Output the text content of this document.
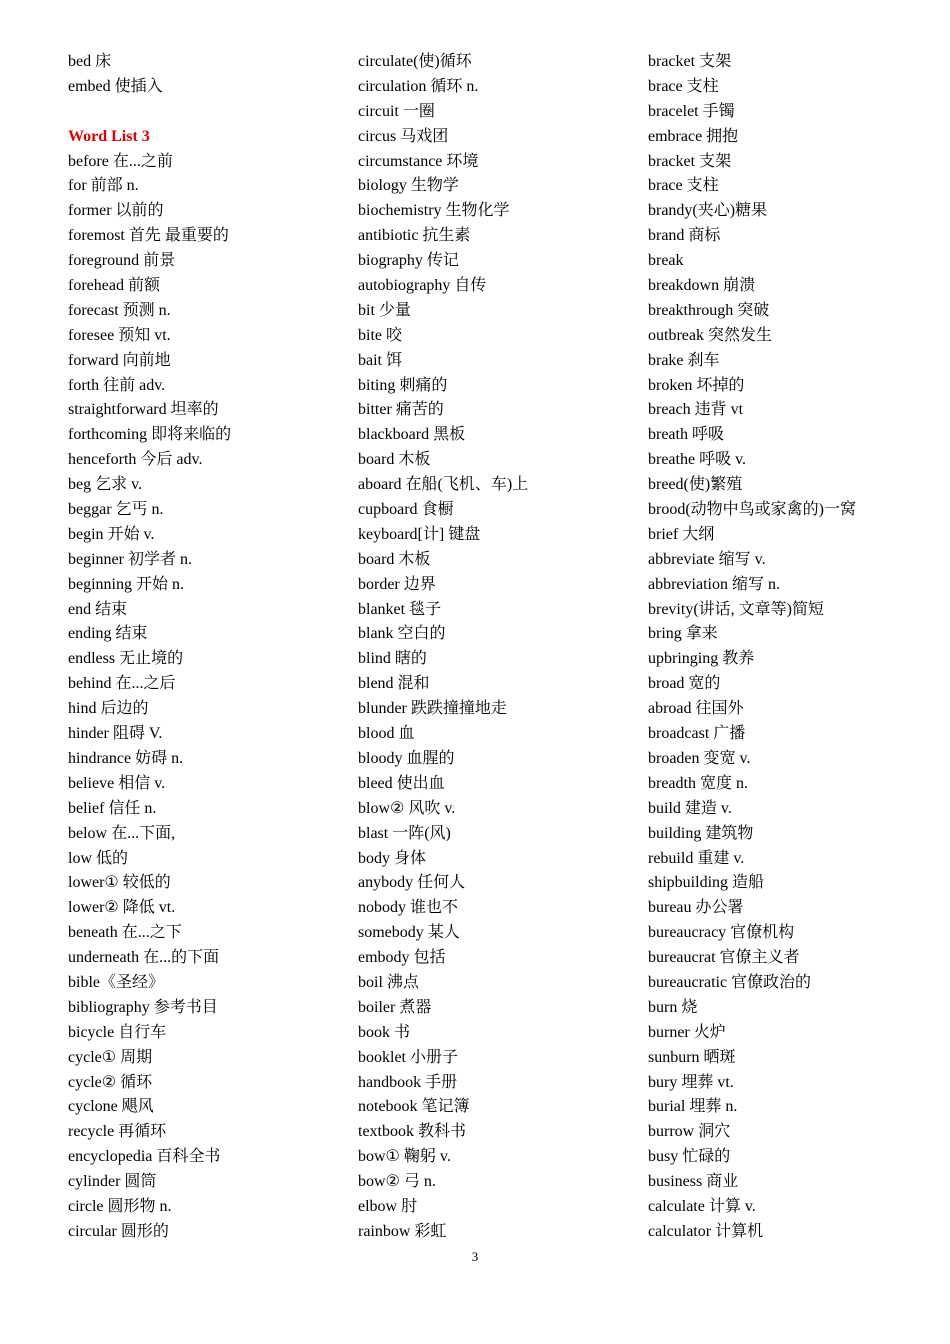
bed 床
embed 使插入
Word List 3
before 在...之前
for 前部 n.
former 以前的
foremost 首先 最重要的
foreground 前景
forehead 前额
forecast 预测 n.
foresee 预知 vt.
forward 向前地
forth 往前 adv.
straightforward 坦率的
forthcoming 即将来临的
henceforth 今后 adv.
beg 乞求 v.
beggar 乞丐 n.
begin 开始 v.
beginner 初学者 n.
beginning 开始 n.
end 结束
ending 结束
endless 无止境的
behind 在...之后
hind 后边的
hinder 阻碍 V.
hindrance 妨碍 n.
believe 相信 v.
belief 信任 n.
below 在...下面,
low 低的
lower① 较低的
lower② 降低 vt.
beneath 在...之下
underneath 在...的下面
bible《圣经》
bibliography 参考书目
bicycle 自行车
cycle① 周期
cycle② 循环
cyclone 飓风
recycle 再循环
encyclopedia 百科全书
cylinder 圆筒
circle 圆形物 n.
circular 圆形的
circulate(使)循环
circulation 循环 n.
circuit 一圈
circus 马戏团
circumstance 环境
biology 生物学
biochemistry 生物化学
antibiotic 抗生素
biography 传记
autobiography 自传
bit 少量
bite 咬
bait 饵
biting 刺痛的
bitter 痛苦的
blackboard 黑板
board 木板
aboard 在船(飞机、车)上
cupboard 食橱
keyboard[计] 键盘
board 木板
border 边界
blanket 毯子
blank 空白的
blind 瞎的
blend 混和
blunder 跌跌撞撞地走
blood 血
bloody 血腥的
bleed 使出血
blow② 风吹 v.
blast 一阵(风)
body 身体
anybody 任何人
nobody 谁也不
somebody 某人
embody 包括
boil 沸点
boiler 煮器
book 书
booklet 小册子
handbook 手册
notebook 笔记簿
textbook 教科书
bow① 鞠躬 v.
bow② 弓 n.
elbow 肘
rainbow 彩虹
bracket 支架
brace 支柱
bracelet 手镯
embrace 拥抱
bracket 支架
brace 支柱
brandy(夹心)糖果
brand 商标
break
breakdown 崩溃
breakthrough 突破
outbreak 突然发生
brake 刹车
broken 坏掉的
breach 违背 vt
breath 呼吸
breathe 呼吸 v.
breed(使)繁殖
brood(动物中鸟或家禽的)一窝
brief 大纲
abbreviate 缩写 v.
abbreviation 缩写 n.
brevity(讲话, 文章等)简短
bring 拿来
upbringing 教养
broad 宽的
abroad 往国外
broadcast 广播
broaden 变宽 v.
breadth 宽度 n.
build 建造 v.
building 建筑物
rebuild 重建 v.
shipbuilding 造船
bureau 办公署
bureaucracy 官僚机构
bureaucrat 官僚主义者
bureaucratic 官僚政治的
burn 烧
burner 火炉
sunburn 晒斑
bury 埋葬 vt.
burial 埋葬 n.
burrow 洞穴
busy 忙碌的
business 商业
calculate 计算 v.
calculator 计算机
3
